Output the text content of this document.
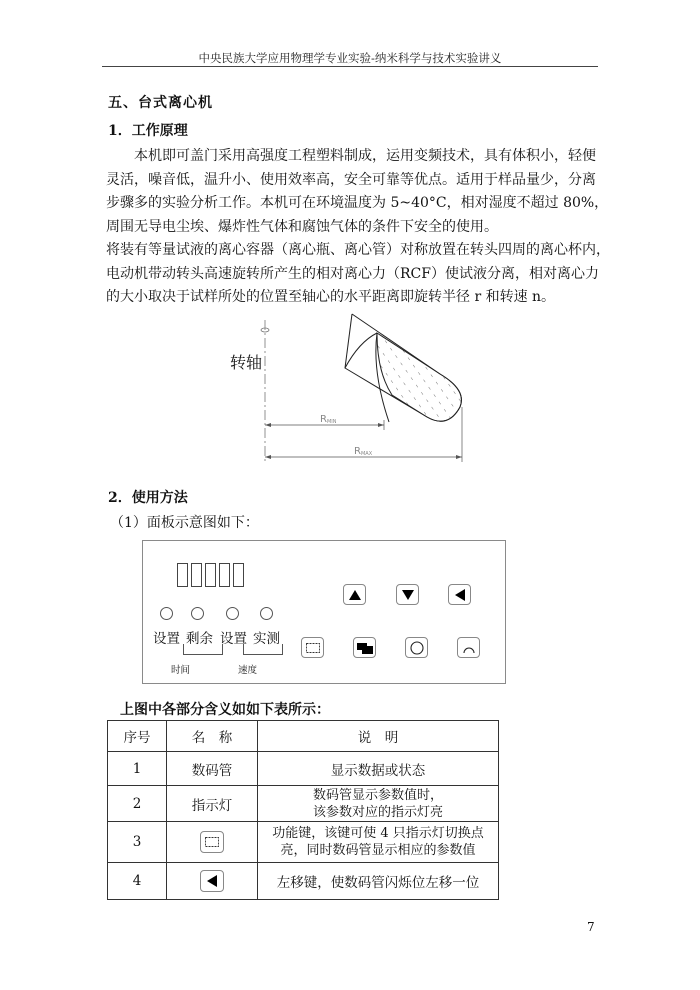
中央民族大学应用物理学专业实验-纳米科学与技术实验讲义
五、台式离心机
1．工作原理
本机即可盖门采用高强度工程塑料制成，运用变频技术，具有体积小，轻便
灵活，噪音低，温升小、使用效率高，安全可靠等优点。适用于样品量少，分离
步骤多的实验分析工作。本机可在环境温度为 5~40°C，相对湿度不超过 80%，
周围无导电尘埃、爆炸性气体和腐蚀气体的条件下安全的使用。
将装有等量试液的离心容器（离心瓶、离心管）对称放置在转头四周的离心杯内，
电动机带动转头高速旋转所产生的相对离心力（RCF）使试液分离，相对离心力
的大小取决于试样所处的位置至轴心的水平距离即旋转半径 r 和转速 n。
转轴
RMIN
RMAX
2．使用方法
（1）面板示意图如下：
设置 剩余 设置 实测
时间	速度
上图中各部分含义如如下表所示：
序号	名　称	说　明
1	数码管	显示数据或状态
2	指示灯	数码管显示参数值时，
该参数对应的指示灯亮

3		功能键，该键可使 4 只指示灯切换点
亮，同时数码管显示相应的参数值

4		左移键，使数码管闪烁位左移一位
7
